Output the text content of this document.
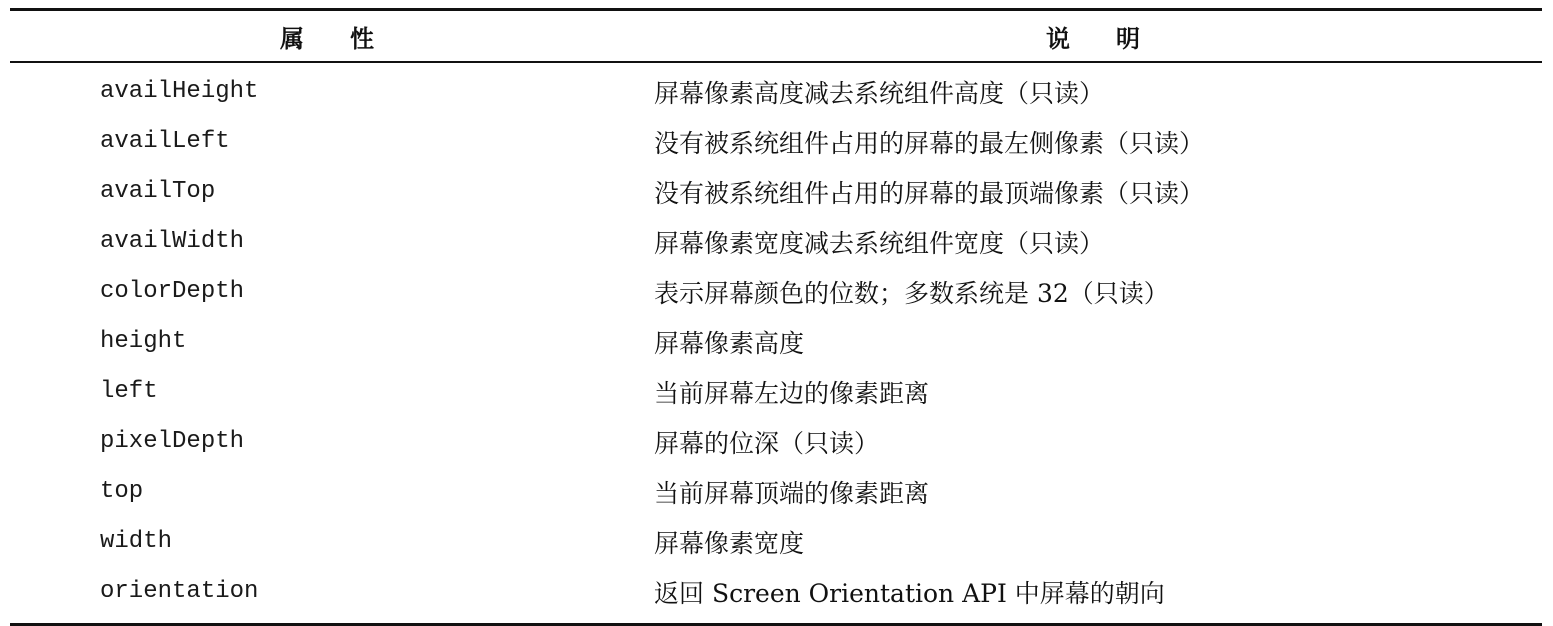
属性	说明
availHeight	屏幕像素高度减去系统组件高度（只读）
availLeft	没有被系统组件占用的屏幕的最左侧像素（只读）
availTop	没有被系统组件占用的屏幕的最顶端像素（只读）
availWidth	屏幕像素宽度减去系统组件宽度（只读）
colorDepth	表示屏幕颜色的位数；多数系统是 32（只读）
height	屏幕像素高度
left	当前屏幕左边的像素距离
pixelDepth	屏幕的位深（只读）
top	当前屏幕顶端的像素距离
width	屏幕像素宽度
orientation	返回 Screen Orientation API 中屏幕的朝向
